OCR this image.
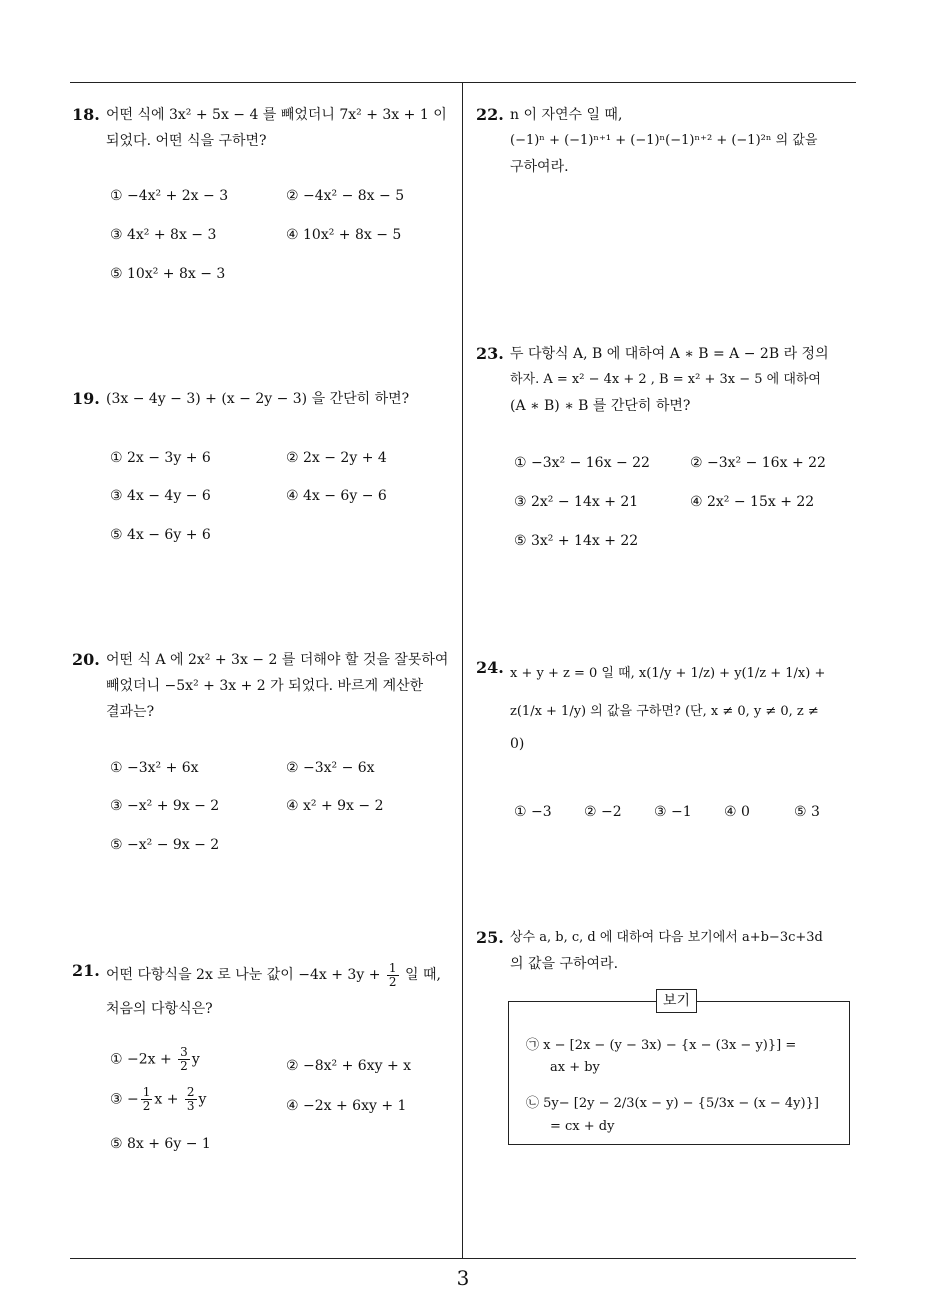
18. 어떤 식에 3x² + 5x − 4 를 빼었더니 7x² + 3x + 1 이
되었다. 어떤 식을 구하면?
① −4x² + 2x − 3	② −4x² − 8x − 5
③ 4x² + 8x − 3	④ 10x² + 8x − 5
⑤ 10x² + 8x − 3
19. (3x − 4y − 3) + (x − 2y − 3) 을 간단히 하면?
① 2x − 3y + 6	② 2x − 2y + 4
③ 4x − 4y − 6	④ 4x − 6y − 6
⑤ 4x − 6y + 6
20. 어떤 식 A 에 2x² + 3x − 2 를 더해야 할 것을 잘못하여
빼었더니 −5x² + 3x + 2 가 되었다. 바르게 계산한
결과는?
① −3x² + 6x	② −3x² − 6x
③ −x² + 9x − 2	④ x² + 9x − 2
⑤ −x² − 9x − 2
21. 어떤 다항식을 2x 로 나눈 값이 $-4x + 3y + \frac{1}{2}$ 일 때,
처음의 다항식은?
① $-2x + \frac{3}{2}$ y	② −8x² + 6xy + x
③ − $\frac{1}{2}$ $x + \frac{2}{3}$ y	④ −2x + 6xy + 1
⑤ 8x + 6y − 1
22. n 이 자연수 일 때,
(−1)ⁿ + (−1)ⁿ⁺¹ + (−1)ⁿ(−1)ⁿ⁺² + (−1)²ⁿ 의 값을
구하여라.
23. 두 다항식 A, B 에 대하여 A ∗ B = A − 2B 라 정의
하자. A = x² − 4x + 2 , B = x² + 3x − 5 에 대하여
(A ∗ B) ∗ B 를 간단히 하면?
① −3x² − 16x − 22	② −3x² − 16x + 22
③ 2x² − 14x + 21	④ 2x² − 15x + 22
⑤ 3x² + 14x + 22
24. x + y + z = 0 일 때, x(1/y + 1/z) + y(1/z + 1/x) +
z(1/x + 1/y) 의 값을 구하면? (단, x ≠ 0, y ≠ 0, z ≠
0)
① −3 ② −2 ③ −1 ④ 0	⑤ 3
25. 상수 a, b, c, d 에 대하여 다음 보기에서 a+b−3c+3d
의 값을 구하여라.
보기
㉠ x − [2x − (y − 3x) − {x − (3x − y)}] =
ax + by
㉡ 5y− [2y − 2/3(x − y) − {5/3x − (x − 4y)}]
= cx + dy
3
